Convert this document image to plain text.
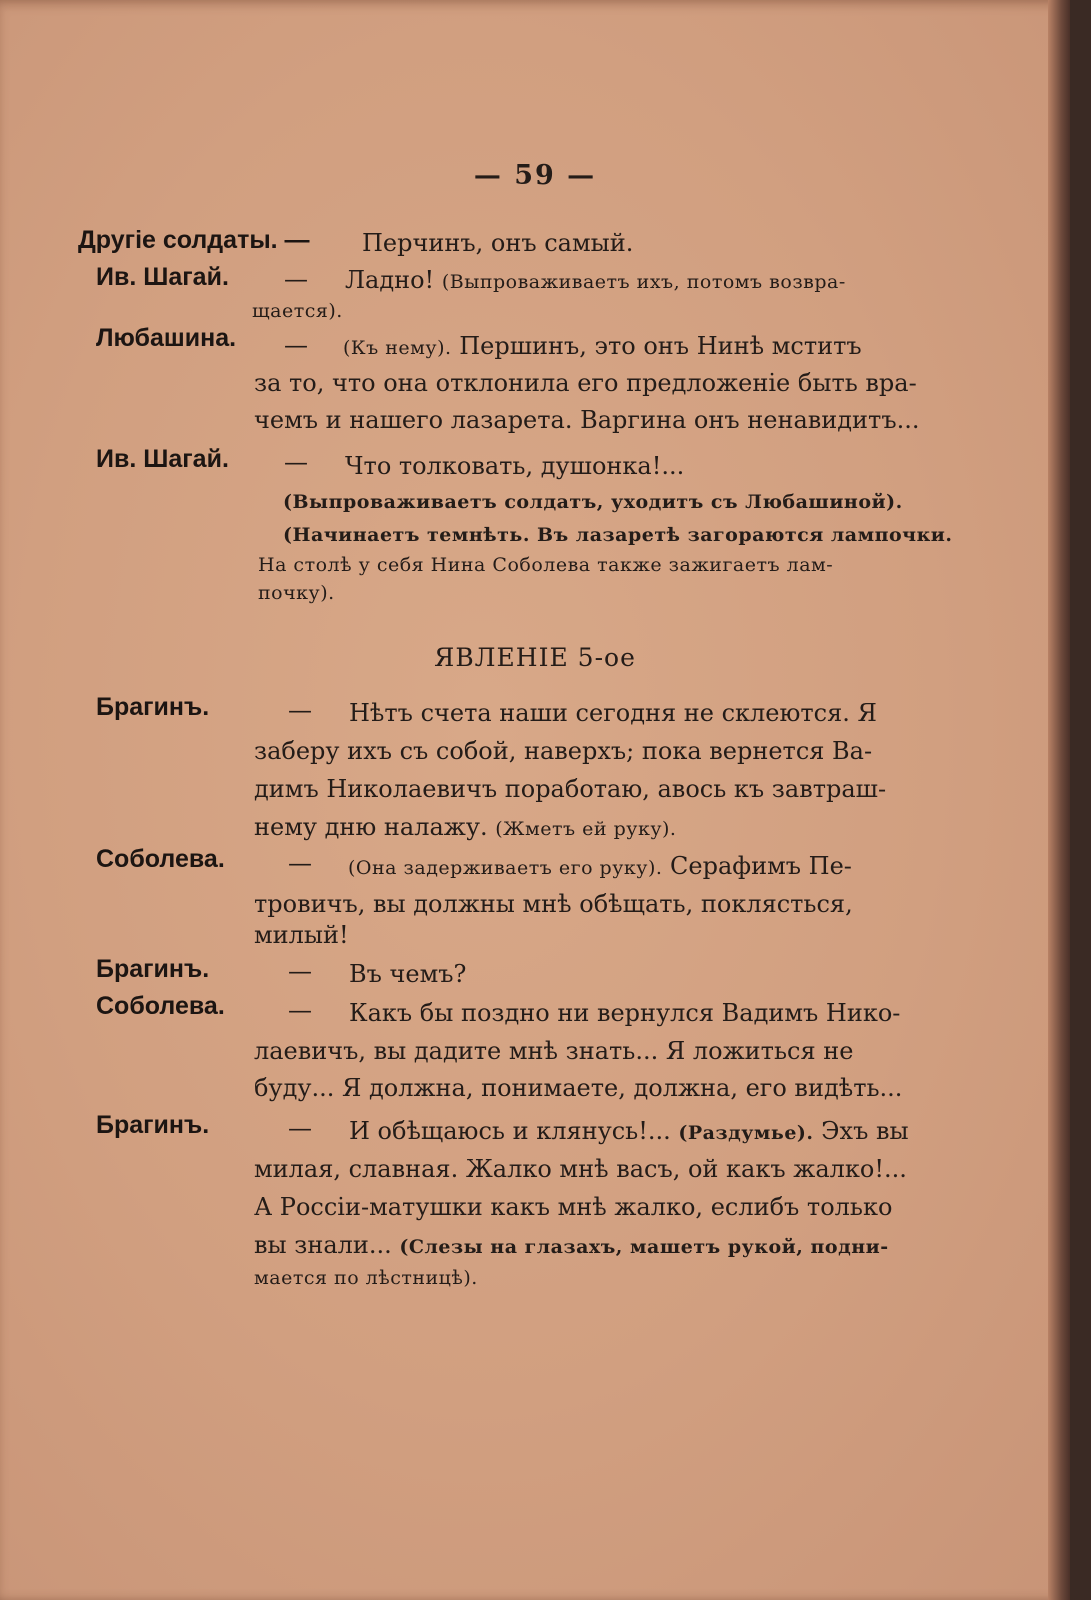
— 59 —
Другіе солдаты. — Перчинъ, онъ самый.
Ив. Шагай. — Ладно! (Выпроваживаетъ ихъ, потомъ возвра-
щается).
Любашина. — (Къ нему). Першинъ, это онъ Нинѣ мститъ
за то, что она отклонила его предложеніе быть вра-
чемъ и нашего лазарета. Варгина онъ ненавидитъ...
Ив. Шагай. — Что толковать, душонка!...
(Выпроваживаетъ солдатъ, уходитъ съ Любашиной).
(Начинаетъ темнѣть. Въ лазаретѣ загораются лампочки.
На столѣ у себя Нина Соболева также зажигаетъ лам-
почку).
ЯВЛЕНІЕ 5-ое
Брагинъ.	— Нѣтъ счета наши сегодня не склеются. Я
заберу ихъ съ собой, наверхъ; пока вернется Ва-
димъ Николаевичъ поработаю, авось къ завтраш-
нему дню налажу. (Жметъ ей руку).
Соболева.	— (Она задерживаетъ его руку). Серафимъ Пе-
тровичъ, вы должны мнѣ обѣщать, поклясться,
милый!
Брагинъ.	— Въ чемъ?
Соболева.	— Какъ бы поздно ни вернулся Вадимъ Нико-
лаевичъ, вы дадите мнѣ знать... Я ложиться не
буду... Я должна, понимаете, должна, его видѣть...
Брагинъ.	— И обѣщаюсь и клянусь!... (Раздумье). Эхъ вы
милая, славная. Жалко мнѣ васъ, ой какъ жалко!...
А Россіи-матушки какъ мнѣ жалко, еслибъ только
вы знали... (Слезы на глазахъ, машетъ рукой, подни-
мается по лѣстницѣ).
